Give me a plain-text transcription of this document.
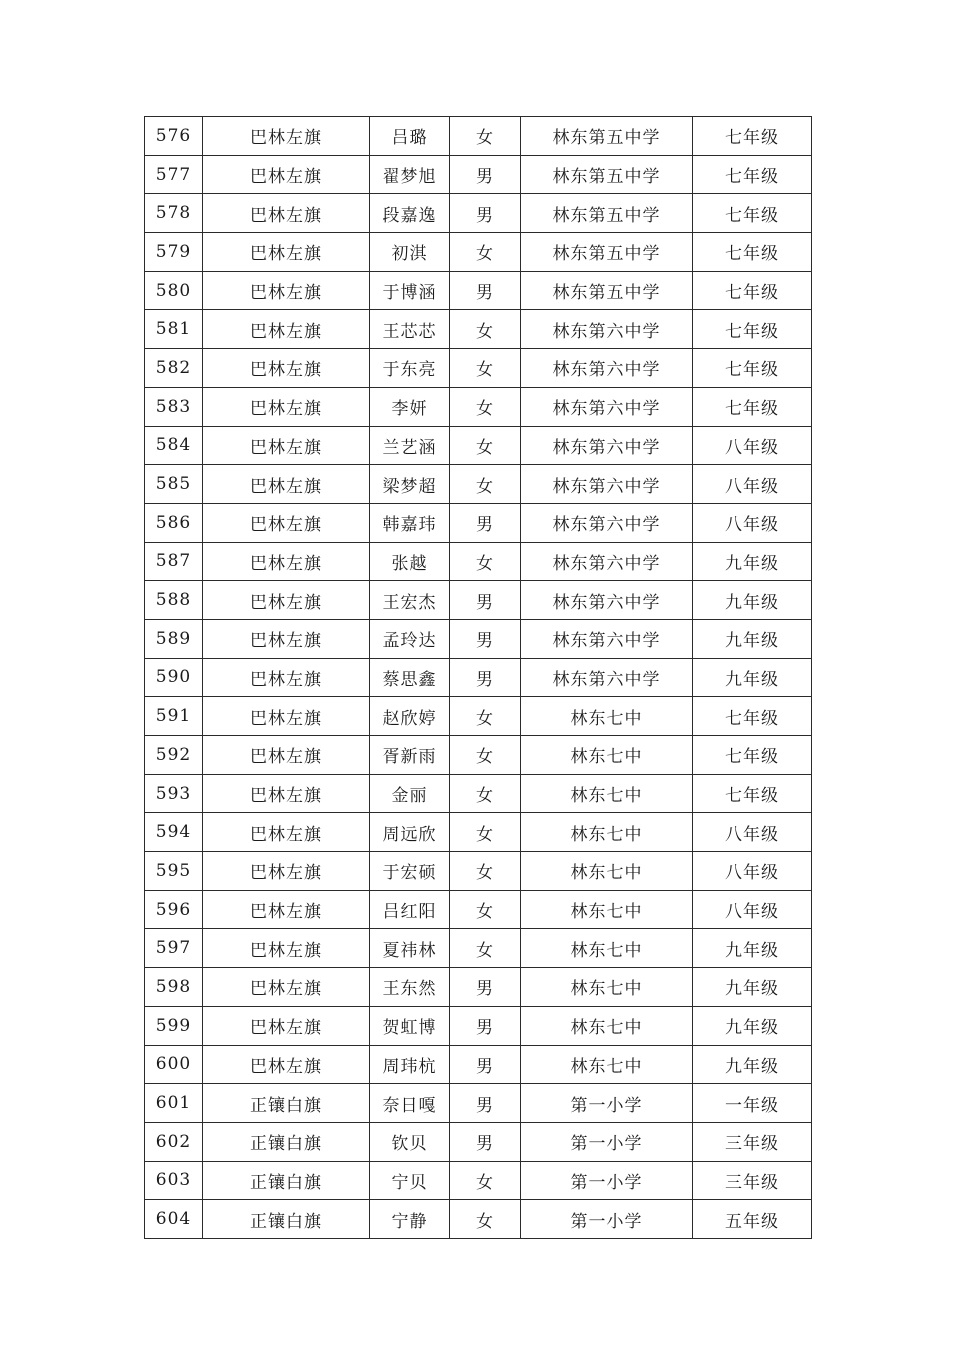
576	巴林左旗	吕璐	女	林东第五中学	七年级
577	巴林左旗	翟梦旭	男	林东第五中学	七年级
578	巴林左旗	段嘉逸	男	林东第五中学	七年级
579	巴林左旗	初淇	女	林东第五中学	七年级
580	巴林左旗	于博涵	男	林东第五中学	七年级
581	巴林左旗	王芯芯	女	林东第六中学	七年级
582	巴林左旗	于东亮	女	林东第六中学	七年级
583	巴林左旗	李妍	女	林东第六中学	七年级
584	巴林左旗	兰艺涵	女	林东第六中学	八年级
585	巴林左旗	梁梦超	女	林东第六中学	八年级
586	巴林左旗	韩嘉玮	男	林东第六中学	八年级
587	巴林左旗	张越	女	林东第六中学	九年级
588	巴林左旗	王宏杰	男	林东第六中学	九年级
589	巴林左旗	孟玲达	男	林东第六中学	九年级
590	巴林左旗	蔡思鑫	男	林东第六中学	九年级
591	巴林左旗	赵欣婷	女	林东七中	七年级
592	巴林左旗	胥新雨	女	林东七中	七年级
593	巴林左旗	金丽	女	林东七中	七年级
594	巴林左旗	周远欣	女	林东七中	八年级
595	巴林左旗	于宏硕	女	林东七中	八年级
596	巴林左旗	吕红阳	女	林东七中	八年级
597	巴林左旗	夏祎林	女	林东七中	九年级
598	巴林左旗	王东然	男	林东七中	九年级
599	巴林左旗	贺虹博	男	林东七中	九年级
600	巴林左旗	周玮杭	男	林东七中	九年级
601	正镶白旗	奈日嘎	男	第一小学	一年级
602	正镶白旗	钦贝	男	第一小学	三年级
603	正镶白旗	宁贝	女	第一小学	三年级
604	正镶白旗	宁静	女	第一小学	五年级
